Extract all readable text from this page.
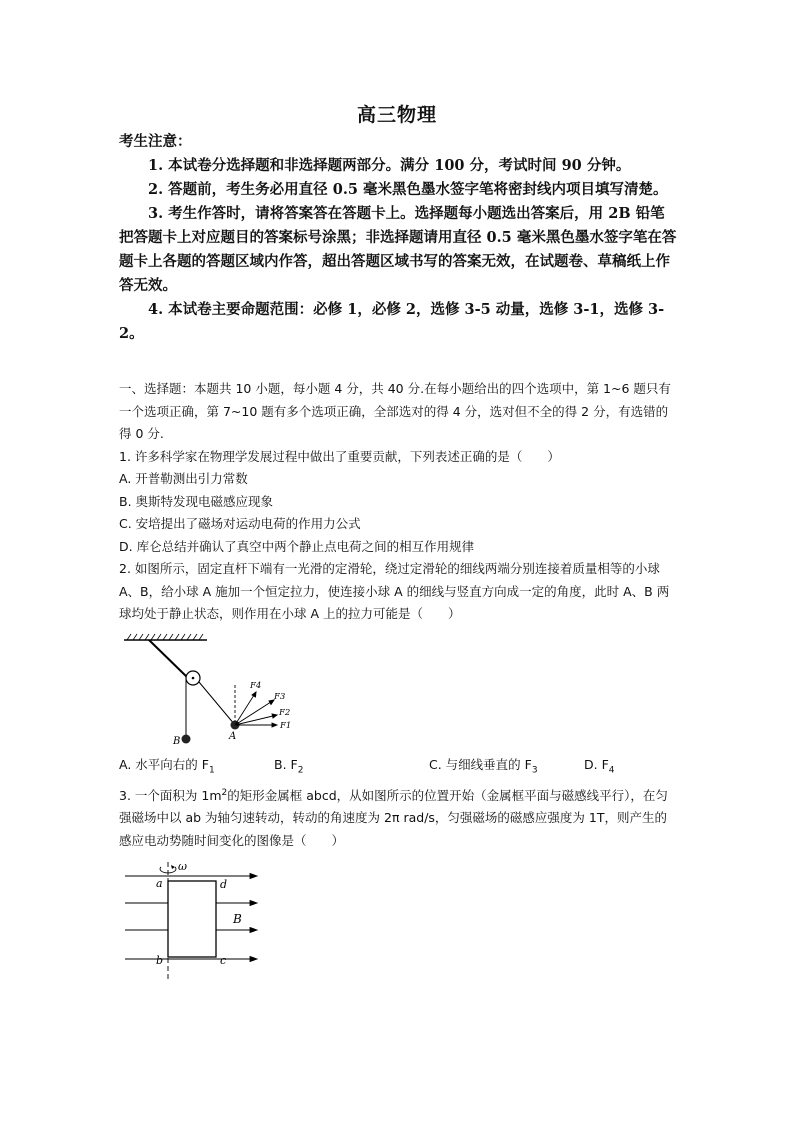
高三物理

考生注意：

1. 本试卷分选择题和非选择题两部分。满分 100 分，考试时间 90 分钟。

2. 答题前，考生务必用直径 0.5 毫米黑色墨水签字笔将密封线内项目填写清楚。

3. 考生作答时，请将答案答在答题卡上。选择题每小题选出答案后，用 2B 铅笔把答题卡上对应题目的答案标号涂黑；非选择题请用直径 0.5 毫米黑色墨水签字笔在答题卡上各题的答题区域内作答，超出答题区域书写的答案无效，在试题卷、草稿纸上作答无效。

4. 本试卷主要命题范围：必修 1，必修 2，选修 3-5 动量，选修 3-1，选修 3-2。

一、选择题：本题共 10 小题，每小题 4 分，共 40 分.在每小题给出的四个选项中，第 1~6 题只有一个选项正确，第 7~10 题有多个选项正确，全部选对的得 4 分，选对但不全的得 2 分，有选错的得 0 分.

1. 许多科学家在物理学发展过程中做出了重要贡献，下列表述正确的是（　　）

A. 开普勒测出引力常数

B. 奥斯特发现电磁感应现象

C. 安培提出了磁场对运动电荷的作用力公式

D. 库仑总结并确认了真空中两个静止点电荷之间的相互作用规律

2. 如图所示，固定直杆下端有一光滑的定滑轮，绕过定滑轮的细线两端分别连接着质量相等的小球 A、B，给小球 A 施加一个恒定拉力，使连接小球 A 的细线与竖直方向成一定的角度，此时 A、B 两球均处于静止状态，则作用在小球 A 上的拉力可能是（　　）

B	A
F1
F2
F3
F4
A. 水平向右的 $F_1$	B. $F_2$	C. 与细线垂直的 $F_3$	D. $F_4$

3. 一个面积为 $1m^2$的矩形金属框 abcd，从如图所示的位置开始（金属框平面与磁感线平行），在匀强磁场中以 ab 为轴匀速转动，转动的角速度为 2π rad/s，匀强磁场的磁感应强度为 1T，则产生的感应电动势随时间变化的图像是（　　）

ω
a	d
b	c
B
